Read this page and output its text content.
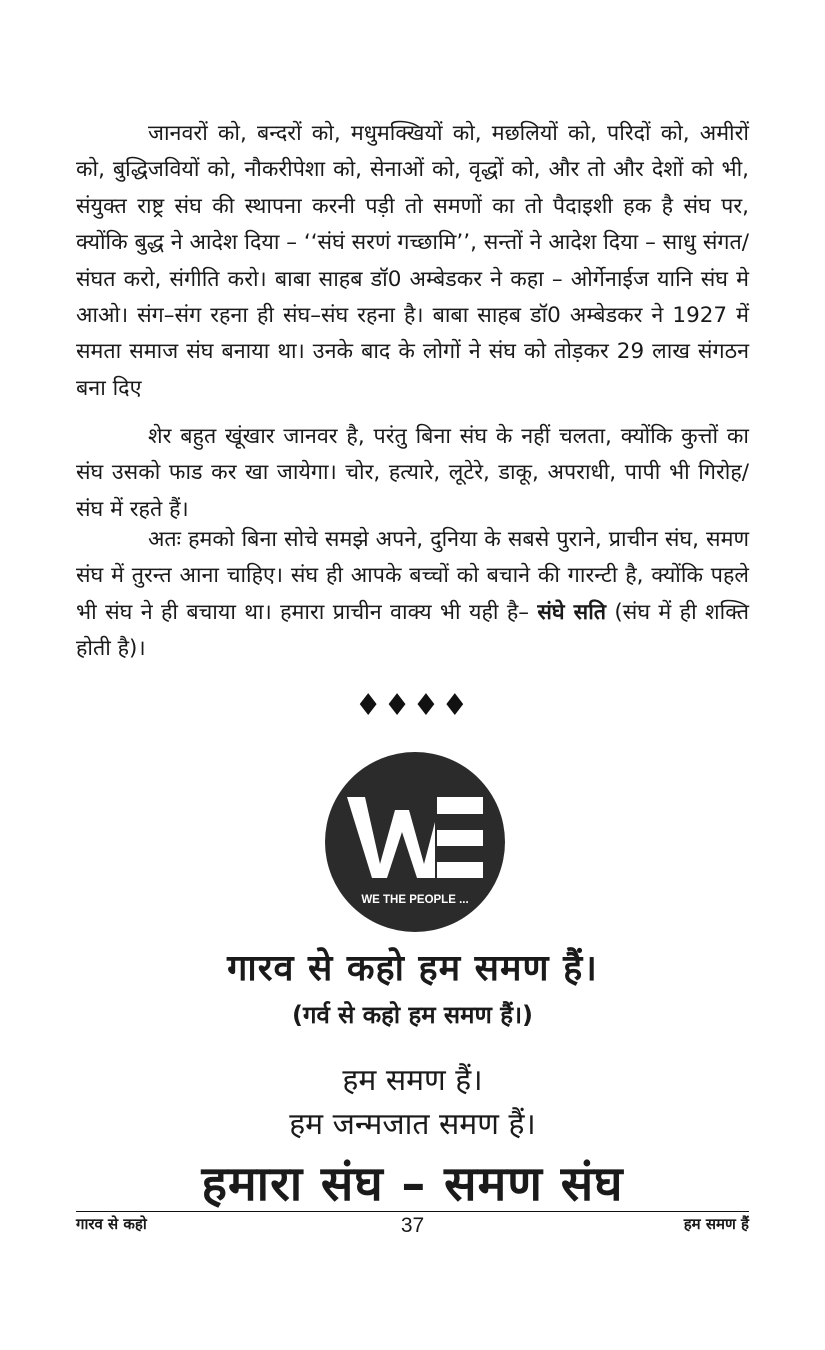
जानवरों को, बन्दरों को, मधुमक्खियों को, मछलियों को, परिदों को, अमीरों को, बुद्धिजवियों को, नौकरीपेशा को, सेनाओं को, वृद्धों को, और तो और देशों को भी, संयुक्त राष्ट्र संघ की स्थापना करनी पड़ी तो समणों का तो पैदाइशी हक है संघ पर, क्योंकि बुद्ध ने आदेश दिया – ‘‘संघं सरणं गच्छामि’’, सन्तों ने आदेश दिया – साधु संगत/संघत करो, संगीति करो। बाबा साहब डॉ0 अम्बेडकर ने कहा – ओर्गेनाईज यानि संघ मे आओ। संग–संग रहना ही संघ–संघ रहना है। बाबा साहब डॉ0 अम्बेडकर ने 1927 में समता समाज संघ बनाया था। उनके बाद के लोगों ने संघ को तोड़कर 29 लाख संगठन बना दिए

शेर बहुत खूंखार जानवर है, परंतु बिना संघ के नहीं चलता, क्योंकि कुत्तों का संघ उसको फाड कर खा जायेगा। चोर, हत्यारे, लूटेरे, डाकू, अपराधी, पापी भी गिरोह/संघ में रहते हैं।

अतः हमको बिना सोचे समझे अपने, दुनिया के सबसे पुराने, प्राचीन संघ, समण संघ में तुरन्त आना चाहिए। संघ ही आपके बच्चों को बचाने की गारन्टी है, क्योंकि पहले भी संघ ने ही बचाया था। हमारा प्राचीन वाक्य भी यही है– संघे सति (संघ में ही शक्ति होती है)।

♦♦♦♦
WE THE PEOPLE ...
गारव से कहो हम समण हैं।
(गर्व से कहो हम समण हैं।)
हम समण हैं।
हम जन्मजात समण हैं।
हमारा संघ – समण संघ
गारव से कहो	37	हम समण हैं
